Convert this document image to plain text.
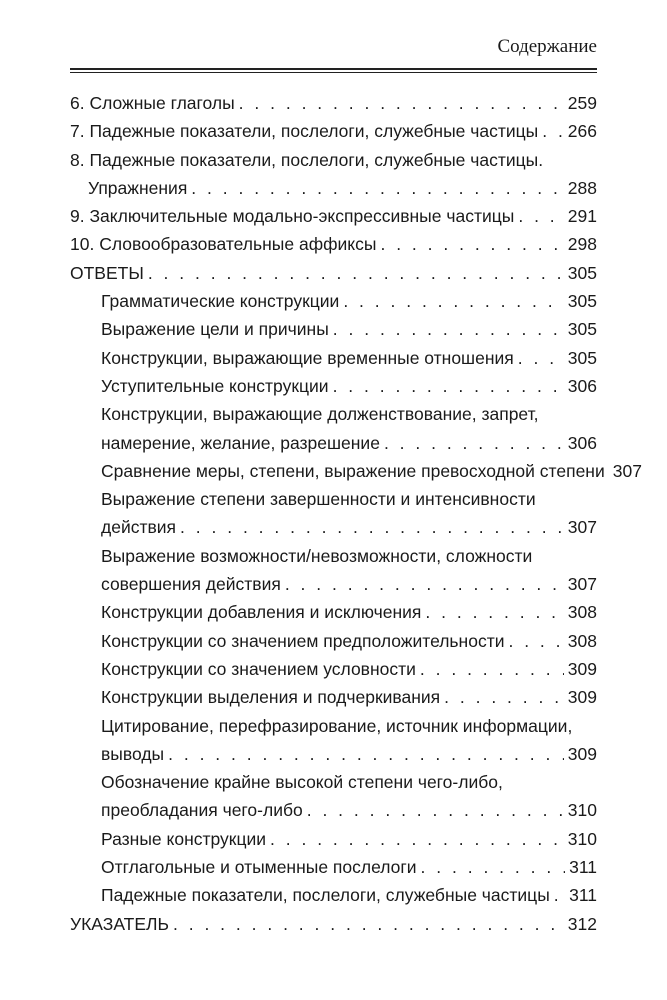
Содержание
6. Сложные глаголы . . .	259
7. Падежные показатели, послелоги, служебные частицы . . . 266
8. Падежные показатели, послелоги, служебные частицы.
Упражнения . . .	288
9. Заключительные модально-экспрессивные частицы . . .	291
10. Словообразовательные аффиксы . . .	298
ОТВЕТЫ . . .	305
Грамматические конструкции . . .	305
Выражение цели и причины . . .	305
Конструкции, выражающие временные отношения . . .	305
Уступительные конструкции . . .	306
Конструкции, выражающие долженствование, запрет,
намерение, желание, разрешение . . .	306
Сравнение меры, степени, выражение превосходной степени 307
Выражение степени завершенности и интенсивности
действия . . .	307
Выражение возможности/невозможности, сложности
совершения действия . . .	307
Конструкции добавления и исключения . . .	308
Конструкции со значением предположительности . . .	308
Конструкции со значением условности . . .	309
Конструкции выделения и подчеркивания . . .	309
Цитирование, перефразирование, источник информации,
выводы . . .	309
Обозначение крайне высокой степени чего-либо,
преобладания чего-либо . . .	310
Разные конструкции . . .	310
Отглагольные и отыменные послелоги . . .	311
Падежные показатели, послелоги, служебные частицы . . . 311
УКАЗАТЕЛЬ . . .	312
